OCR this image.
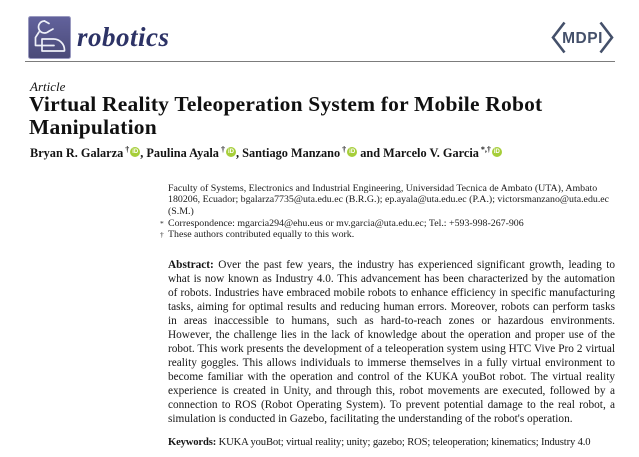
robotics	MDPI
Article
Virtual Reality Teleoperation System for Mobile Robot Manipulation
Bryan R. Galarza † iD , Paulina Ayala † iD , Santiago Manzano † iD and Marcelo V. Garcia *,† iD

Faculty of Systems, Electronics and Industrial Engineering, Universidad Tecnica de Ambato (UTA), Ambato 180206, Ecuador; bgalarza7735@uta.edu.ec (B.R.G.); ep.ayala@uta.edu.ec (P.A.); victorsmanzano@uta.edu.ec (S.M.)

* Correspondence: mgarcia294@ehu.eus or mv.garcia@uta.edu.ec; Tel.: +593-998-267-906
† These authors contributed equally to this work.

Abstract: Over the past few years, the industry has experienced significant growth, leading to what is now known as Industry 4.0. This advancement has been characterized by the automation of robots. Industries have embraced mobile robots to enhance efficiency in specific manufacturing tasks, aiming for optimal results and reducing human errors. Moreover, robots can perform tasks in areas inaccessible to humans, such as hard-to-reach zones or hazardous environments. However, the challenge lies in the lack of knowledge about the operation and proper use of the robot. This work presents the development of a teleoperation system using HTC Vive Pro 2 virtual reality goggles. This allows individuals to immerse themselves in a fully virtual environment to become familiar with the operation and control of the KUKA youBot robot. The virtual reality experience is created in Unity, and through this, robot movements are executed, followed by a connection to ROS (Robot Operating System). To prevent potential damage to the real robot, a simulation is conducted in Gazebo, facilitating the understanding of the robot's operation.

Keywords: KUKA youBot; virtual reality; unity; gazebo; ROS; teleoperation; kinematics; Industry 4.0
